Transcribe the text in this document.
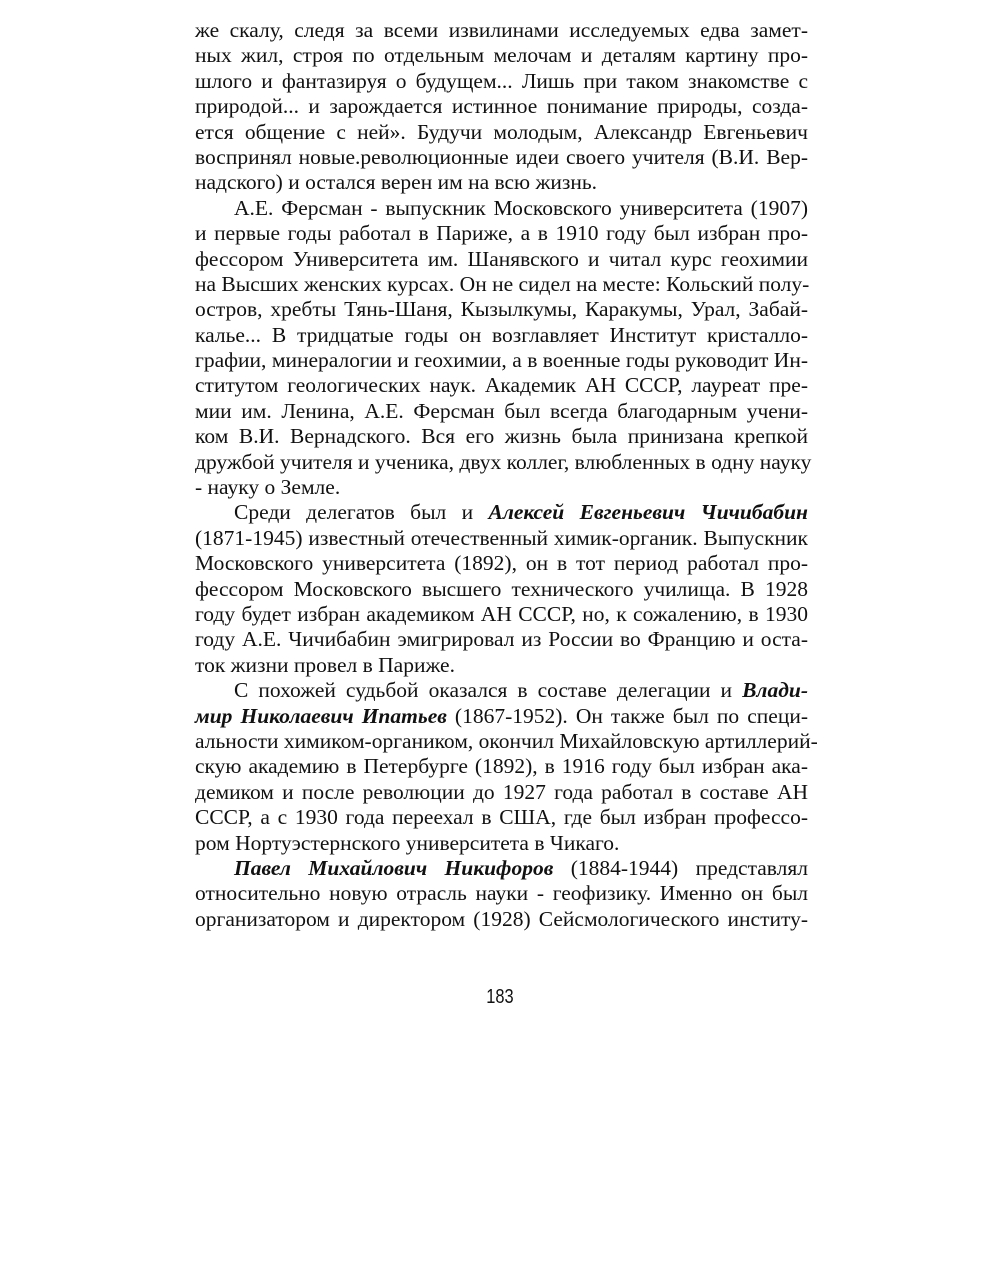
же скалу, следя за всеми извилинами исследуемых едва замет-
ных жил, строя по отдельным мелочам и деталям картину про-
шлого и фантазируя о будущем... Лишь при таком знакомстве с
природой... и зарождается истинное понимание природы, созда-
ется общение с ней». Будучи молодым, Александр Евгеньевич
воспринял новые.революционные идеи своего учителя (В.И. Вер-
надского) и остался верен им на всю жизнь.
А.Е. Ферсман - выпускник Московского университета (1907)
и первые годы работал в Париже, а в 1910 году был избран про-
фессором Университета им. Шанявского и читал курс геохимии
на Высших женских курсах. Он не сидел на месте: Кольский полу-
остров, хребты Тянь-Шаня, Кызылкумы, Каракумы, Урал, Забай-
калье... В тридцатые годы он возглавляет Институт кристалло-
графии, минералогии и геохимии, а в военные годы руководит Ин-
ститутом геологических наук. Академик АН СССР, лауреат пре-
мии им. Ленина, А.Е. Ферсман был всегда благодарным учени-
ком В.И. Вернадского. Вся его жизнь была принизана крепкой
дружбой учителя и ученика, двух коллег, влюбленных в одну науку
- науку о Земле.
Среди делегатов был и Алексей Евгеньевич Чичибабин
(1871-1945) известный отечественный химик-органик. Выпускник
Московского университета (1892), он в тот период работал про-
фессором Московского высшего технического училища. В 1928
году будет избран академиком АН СССР, но, к сожалению, в 1930
году А.Е. Чичибабин эмигрировал из России во Францию и оста-
ток жизни провел в Париже.
С похожей судьбой оказался в составе делегации и Влади-
мир Николаевич Ипатьев (1867-1952). Он также был по специ-
альности химиком-органиком, окончил Михайловскую артиллерий-
скую академию в Петербурге (1892), в 1916 году был избран ака-
демиком и после революции до 1927 года работал в составе АН
СССР, а с 1930 года переехал в США, где был избран профессо-
ром Нортуэстернского университета в Чикаго.
Павел Михайлович Никифоров (1884-1944) представлял
относительно новую отрасль науки - геофизику. Именно он был
организатором и директором (1928) Сейсмологического институ-
183
